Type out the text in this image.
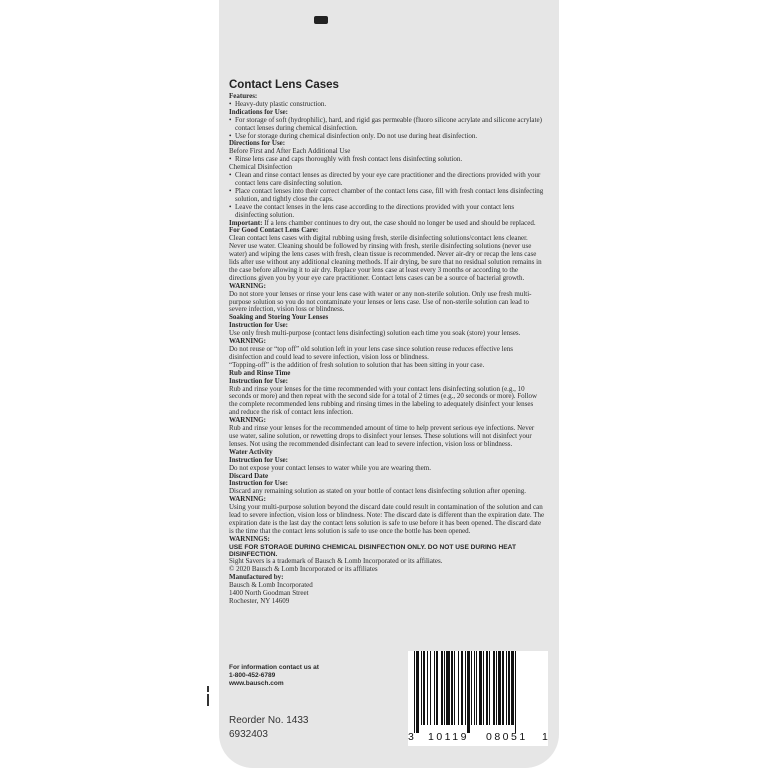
Contact Lens Cases
Features:
• Heavy-duty plastic construction.
Indications for Use:
• For storage of soft (hydrophilic), hard, and rigid gas permeable (fluoro silicone acrylate and silicone acrylate) contact lenses during chemical disinfection.
• Use for storage during chemical disinfection only. Do not use during heat disinfection.
Directions for Use:
Before First and After Each Additional Use
• Rinse lens case and caps thoroughly with fresh contact lens disinfecting solution.
Chemical Disinfection
• Clean and rinse contact lenses as directed by your eye care practitioner and the directions provided with your contact lens care disinfecting solution.
• Place contact lenses into their correct chamber of the contact lens case, fill with fresh contact lens disinfecting solution, and tightly close the caps.
• Leave the contact lenses in the lens case according to the directions provided with your contact lens disinfecting solution.
Important: If a lens chamber continues to dry out, the case should no longer be used and should be replaced.
For Good Contact Lens Care:
Clean contact lens cases with digital rubbing using fresh, sterile disinfecting solutions/contact lens cleaner. Never use water. Cleaning should be followed by rinsing with fresh, sterile disinfecting solutions (never use water) and wiping the lens cases with fresh, clean tissue is recommended. Never air-dry or recap the lens case lids after use without any additional cleaning methods. If air drying, be sure that no residual solution remains in the case before allowing it to air dry. Replace your lens case at least every 3 months or according to the directions given you by your eye care practitioner. Contact lens cases can be a source of bacterial growth.
WARNING:
Do not store your lenses or rinse your lens case with water or any non-sterile solution. Only use fresh multi-purpose solution so you do not contaminate your lenses or lens case. Use of non-sterile solution can lead to severe infection, vision loss or blindness.
Soaking and Storing Your Lenses
Instruction for Use:
Use only fresh multi-purpose (contact lens disinfecting) solution each time you soak (store) your lenses.
WARNING:
Do not reuse or “top off” old solution left in your lens case since solution reuse reduces effective lens disinfection and could lead to severe infection, vision loss or blindness.
“Topping-off” is the addition of fresh solution to solution that has been sitting in your case.
Rub and Rinse Time
Instruction for Use:
Rub and rinse your lenses for the time recommended with your contact lens disinfecting solution (e.g., 10 seconds or more) and then repeat with the second side for a total of 2 times (e.g., 20 seconds or more). Follow the complete recommended lens rubbing and rinsing times in the labeling to adequately disinfect your lenses and reduce the risk of contact lens infection.
WARNING:
Rub and rinse your lenses for the recommended amount of time to help prevent serious eye infections. Never use water, saline solution, or rewetting drops to disinfect your lenses. These solutions will not disinfect your lenses. Not using the recommended disinfectant can lead to severe infection, vision loss or blindness.
Water Activity
Instruction for Use:
Do not expose your contact lenses to water while you are wearing them.
Discard Date
Instruction for Use:
Discard any remaining solution as stated on your bottle of contact lens disinfecting solution after opening.
WARNING:
Using your multi-purpose solution beyond the discard date could result in contamination of the solution and can lead to severe infection, vision loss or blindness. Note: The discard date is different than the expiration date. The expiration date is the last day the contact lens solution is safe to use before it has been opened. The discard date is the time that the contact lens solution is safe to use once the bottle has been opened.
WARNINGS:
USE FOR STORAGE DURING CHEMICAL DISINFECTION ONLY. DO NOT USE DURING HEAT DISINFECTION.
Sight Savers is a trademark of Bausch & Lomb Incorporated or its affiliates.
© 2020 Bausch & Lomb Incorporated or its affiliates
Manufactured by:
Bausch & Lomb Incorporated
1400 North Goodman Street
Rochester, NY 14609
For information contact us at
1-800-452-6789
www.bausch.com
Reorder No. 1433
6932403	3 10119 08051 1
